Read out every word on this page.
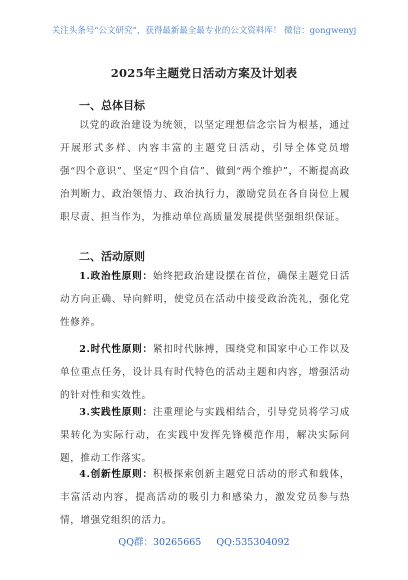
关注头条号“公文研究”，获得最新最全最专业的公文资料库！ 微信：gongwenyj
2025年主题党日活动方案及计划表
一、总体目标
以党的政治建设为统领，以坚定理想信念宗旨为根基，通过开展形式多样、内容丰富的主题党日活动，引导全体党员增强“四个意识”、坚定“四个自信”、做到“两个维护”，不断提高政治判断力、政治领悟力、政治执行力，激励党员在各自岗位上履职尽责、担当作为，为推动单位高质量发展提供坚强组织保证。
二、活动原则
1.政治性原则：始终把政治建设摆在首位，确保主题党日活动方向正确、导向鲜明，使党员在活动中接受政治洗礼，强化党性修养。
2.时代性原则：紧扣时代脉搏，围绕党和国家中心工作以及单位重点任务，设计具有时代特色的活动主题和内容，增强活动的针对性和实效性。
3.实践性原则：注重理论与实践相结合，引导党员将学习成果转化为实际行动，在实践中发挥先锋模范作用，解决实际问题，推动工作落实。
4.创新性原则：积极探索创新主题党日活动的形式和载体，丰富活动内容，提高活动的吸引力和感染力，激发党员参与热情，增强党组织的活力。
QQ群：30265665 QQ:535304092
